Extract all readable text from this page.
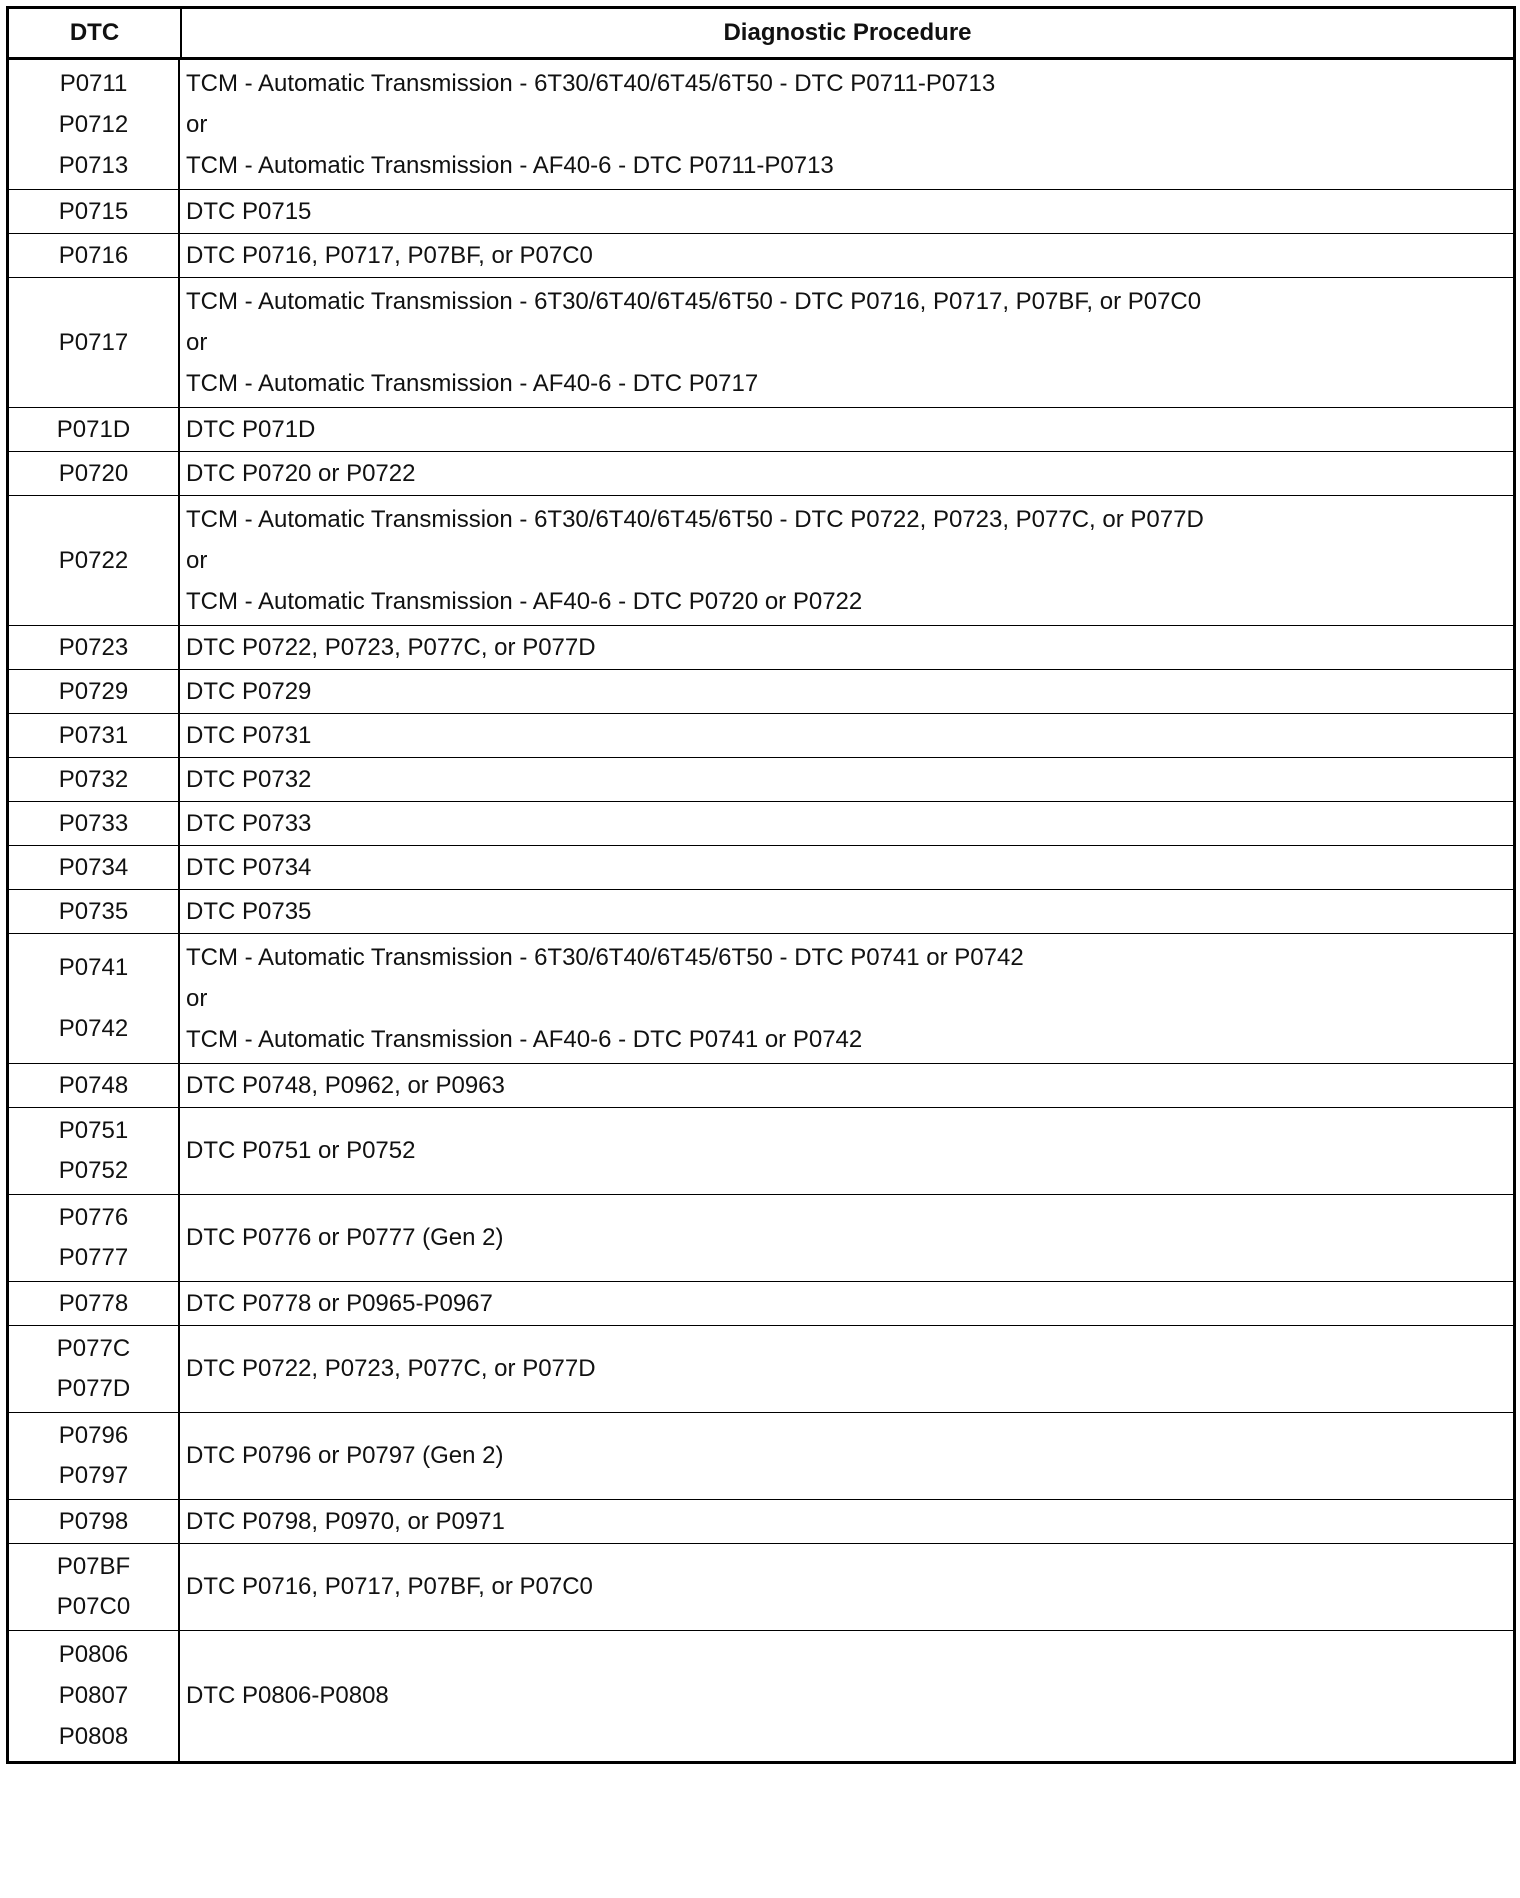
DTC	Diagnostic Procedure
P0711
P0712
P0713
TCM - Automatic Transmission - 6T30/6T40/6T45/6T50 - DTC P0711-P0713
or
TCM - Automatic Transmission - AF40-6 - DTC P0711-P0713
P0715 DTC P0715
P0716 DTC P0716, P0717, P07BF, or P07C0
P0717
TCM - Automatic Transmission - 6T30/6T40/6T45/6T50 - DTC P0716, P0717, P07BF, or P07C0
or
TCM - Automatic Transmission - AF40-6 - DTC P0717
P071D DTC P071D
P0720 DTC P0720 or P0722
P0722
TCM - Automatic Transmission - 6T30/6T40/6T45/6T50 - DTC P0722, P0723, P077C, or P077D
or
TCM - Automatic Transmission - AF40-6 - DTC P0720 or P0722
P0723 DTC P0722, P0723, P077C, or P077D
P0729 DTC P0729
P0731 DTC P0731
P0732 DTC P0732
P0733 DTC P0733
P0734 DTC P0734
P0735 DTC P0735
P0741
P0742
TCM - Automatic Transmission - 6T30/6T40/6T45/6T50 - DTC P0741 or P0742
or
TCM - Automatic Transmission - AF40-6 - DTC P0741 or P0742
P0748 DTC P0748, P0962, or P0963
P0751
P0752
DTC P0751 or P0752
P0776
P0777
DTC P0776 or P0777 (Gen 2)
P0778 DTC P0778 or P0965-P0967
P077C
P077D
DTC P0722, P0723, P077C, or P077D
P0796
P0797
DTC P0796 or P0797 (Gen 2)
P0798 DTC P0798, P0970, or P0971
P07BF
P07C0
DTC P0716, P0717, P07BF, or P07C0
P0806
P0807
P0808
DTC P0806-P0808
